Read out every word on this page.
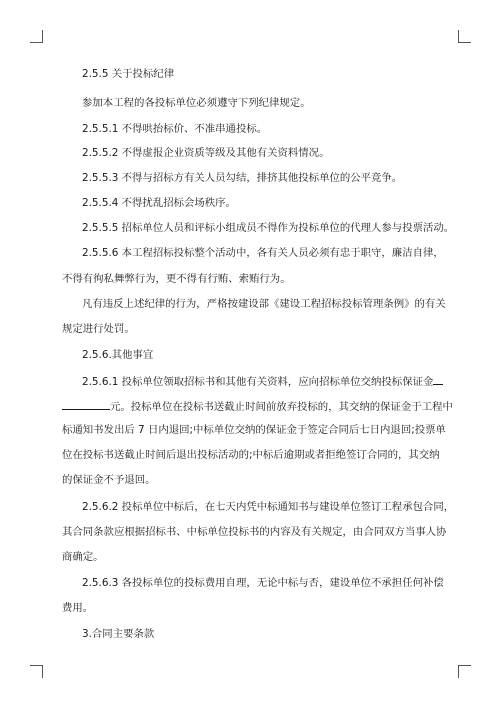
2.5.5 关于投标纪律
参加本工程的各投标单位必须遵守下列纪律规定。
2.5.5.1 不得哄抬标价、不准串通投标。
2.5.5.2 不得虚报企业资质等级及其他有关资料情况。
2.5.5.3 不得与招标方有关人员勾结，排挤其他投标单位的公平竞争。
2.5.5.4 不得扰乱招标会场秩序。
2.5.5.5 招标单位人员和评标小组成员不得作为投标单位的代理人参与投票活动。
2.5.5.6 本工程招标投标整个活动中，各有关人员必须有忠于职守，廉洁自律，
不得有徇私舞弊行为，更不得有行贿、索贿行为。
凡有违反上述纪律的行为，严格按建设部《建设工程招标投标管理条例》的有关
规定进行处罚。
2.5.6.其他事宜
2.5.6.1 投标单位领取招标书和其他有关资料，应向招标单位交纳投标保证金
元。投标单位在投标书送截止时间前放弃投标的，其交纳的保证金于工程中
标通知书发出后 7 日内退回;中标单位交纳的保证金于签定合同后七日内退回;投票单
位在投标书送截止时间后退出投标活动的;中标后逾期或者拒绝签订合同的，其交纳
的保证金不予退回。
2.5.6.2 投标单位中标后，在七天内凭中标通知书与建设单位签订工程承包合同，
其合同条款应根据招标书、中标单位投标书的内容及有关规定，由合同双方当事人协
商确定。
2.5.6.3 各投标单位的投标费用自理，无论中标与否，建设单位不承担任何补偿
费用。
3.合同主要条款
